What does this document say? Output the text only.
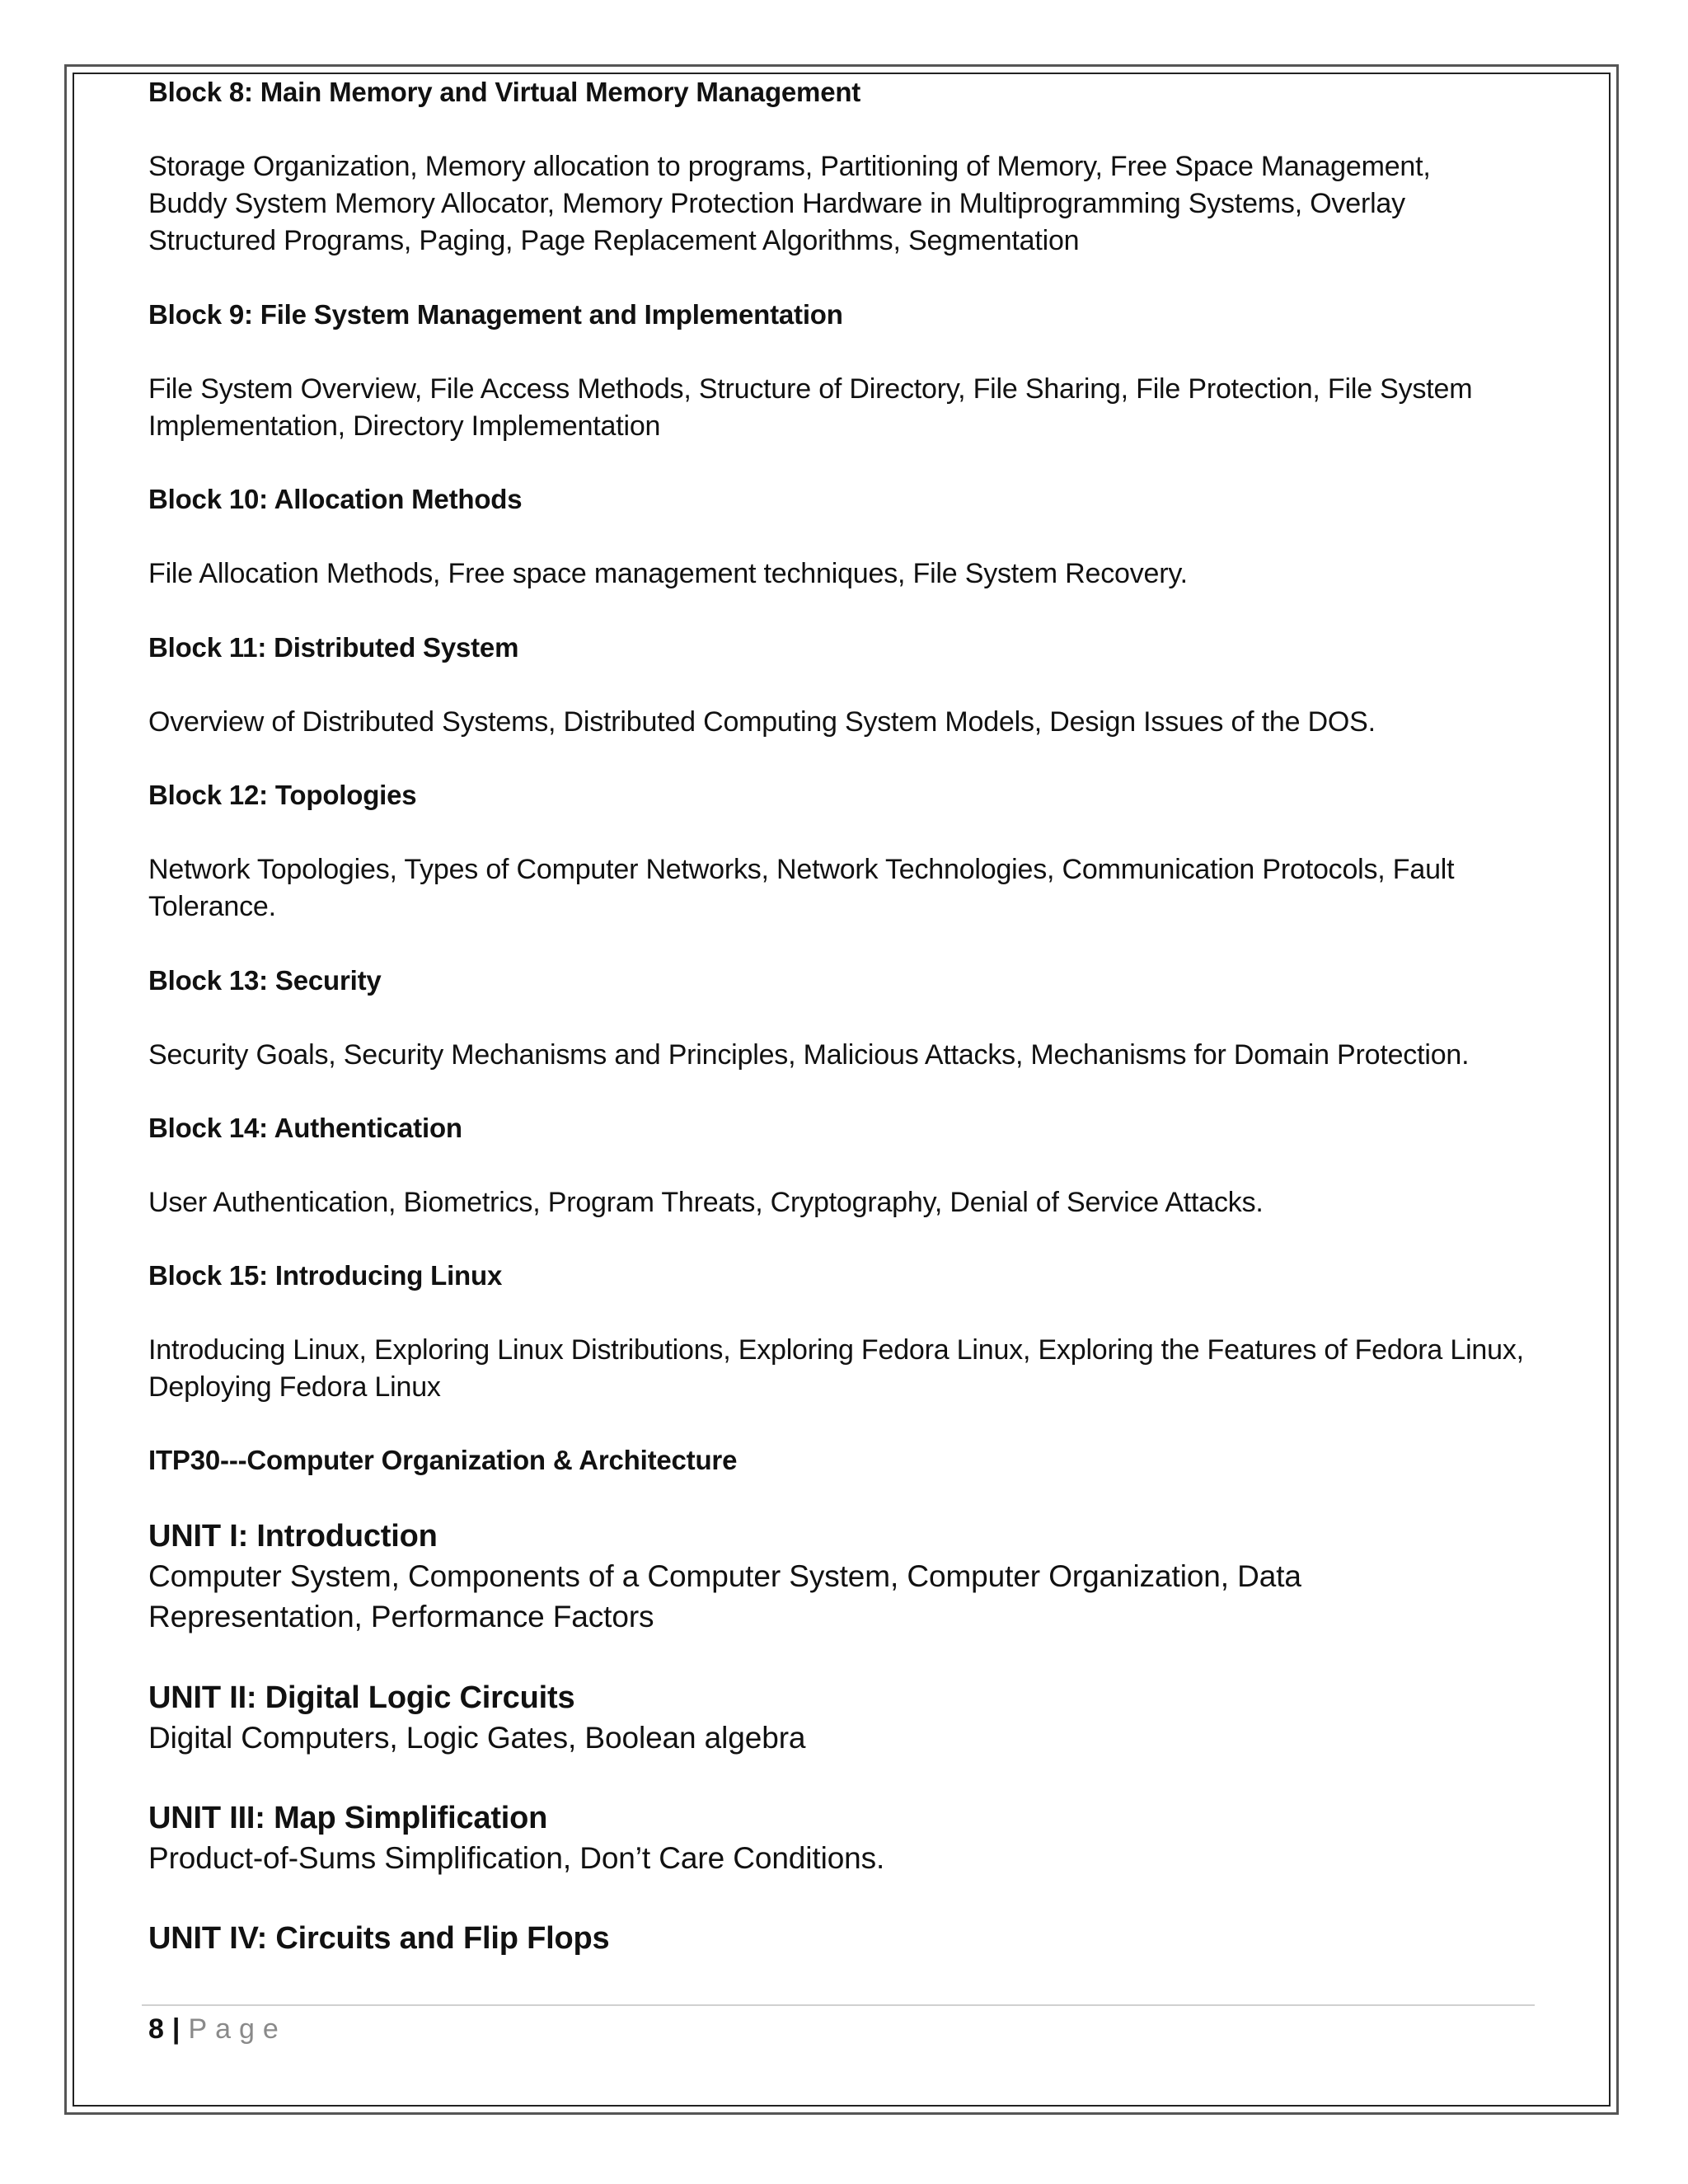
Block 8: Main Memory and Virtual Memory Management

Storage Organization, Memory allocation to programs, Partitioning of Memory, Free Space Management,

Buddy System Memory Allocator, Memory Protection Hardware in Multiprogramming Systems, Overlay

Structured Programs, Paging, Page Replacement Algorithms, Segmentation

Block 9: File System Management and Implementation

File System Overview, File Access Methods, Structure of Directory, File Sharing, File Protection, File System

Implementation, Directory Implementation

Block 10: Allocation Methods

File Allocation Methods, Free space management techniques, File System Recovery.

Block 11: Distributed System

Overview of Distributed Systems, Distributed Computing System Models, Design Issues of the DOS.

Block 12: Topologies

Network Topologies, Types of Computer Networks, Network Technologies, Communication Protocols, Fault

Tolerance.

Block 13: Security

Security Goals, Security Mechanisms and Principles, Malicious Attacks, Mechanisms for Domain Protection.

Block 14: Authentication

User Authentication, Biometrics, Program Threats, Cryptography, Denial of Service Attacks.

Block 15: Introducing Linux

Introducing Linux, Exploring Linux Distributions, Exploring Fedora Linux, Exploring the Features of Fedora Linux,

Deploying Fedora Linux

ITP30---Computer Organization & Architecture

UNIT I: Introduction

Computer System, Components of a Computer System, Computer Organization, Data

Representation, Performance Factors

UNIT II: Digital Logic Circuits

Digital Computers, Logic Gates, Boolean algebra

UNIT III: Map Simplification

Product-of-Sums Simplification, Don’t Care Conditions.

UNIT IV: Circuits and Flip Flops

8 | Page
